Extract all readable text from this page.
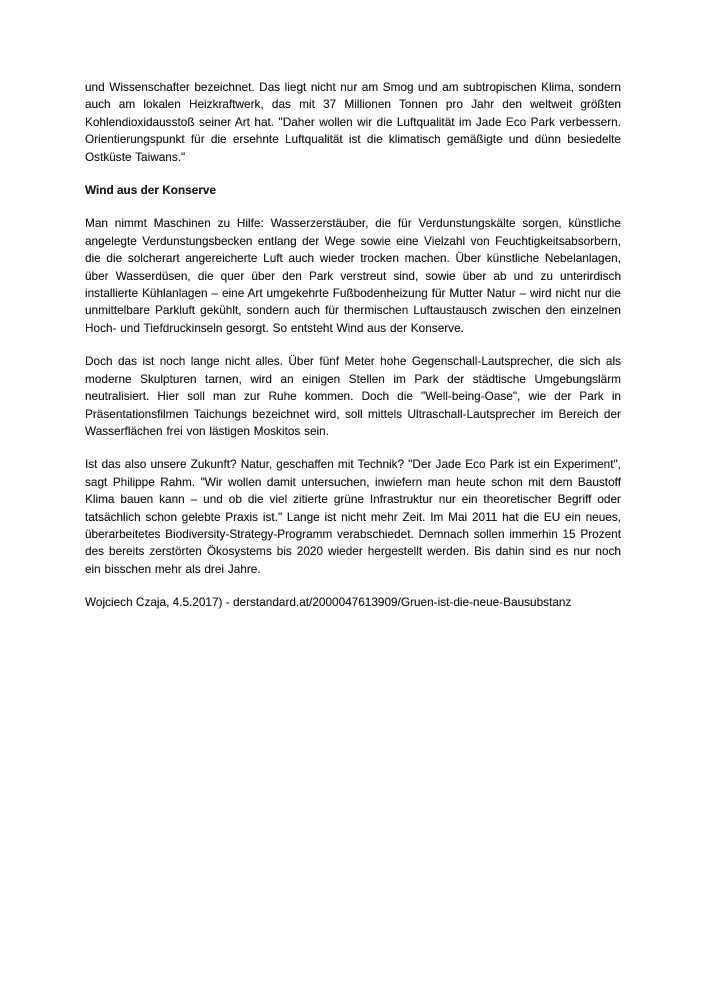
und Wissenschafter bezeichnet. Das liegt nicht nur am Smog und am subtropischen Klima, sondern auch am lokalen Heizkraftwerk, das mit 37 Millionen Tonnen pro Jahr den weltweit größten Kohlendioxidausstoß seiner Art hat. "Daher wollen wir die Luftqualität im Jade Eco Park verbessern. Orientierungspunkt für die ersehnte Luftqualität ist die klimatisch gemäßigte und dünn besiedelte Ostküste Taiwans."

Wind aus der Konserve

Man nimmt Maschinen zu Hilfe: Wasserzerstäuber, die für Verdunstungskälte sorgen, künstliche angelegte Verdunstungsbecken entlang der Wege sowie eine Vielzahl von Feuchtigkeitsabsorbern, die die solcherart angereicherte Luft auch wieder trocken machen. Über künstliche Nebelanlagen, über Wasserdüsen, die quer über den Park verstreut sind, sowie über ab und zu unterirdisch installierte Kühlanlagen – eine Art umgekehrte Fußbodenheizung für Mutter Natur – wird nicht nur die unmittelbare Parkluft gekühlt, sondern auch für thermischen Luftaustausch zwischen den einzelnen Hoch- und Tiefdruckinseln gesorgt. So entsteht Wind aus der Konserve.

Doch das ist noch lange nicht alles. Über fünf Meter hohe Gegenschall-Lautsprecher, die sich als moderne Skulpturen tarnen, wird an einigen Stellen im Park der städtische Umgebungslärm neutralisiert. Hier soll man zur Ruhe kommen. Doch die "Well-being-Oase", wie der Park in Präsentationsfilmen Taichungs bezeichnet wird, soll mittels Ultraschall-Lautsprecher im Bereich der Wasserflächen frei von lästigen Moskitos sein.

Ist das also unsere Zukunft? Natur, geschaffen mit Technik? "Der Jade Eco Park ist ein Experiment", sagt Philippe Rahm. "Wir wollen damit untersuchen, inwiefern man heute schon mit dem Baustoff Klima bauen kann – und ob die viel zitierte grüne Infrastruktur nur ein theoretischer Begriff oder tatsächlich schon gelebte Praxis ist." Lange ist nicht mehr Zeit. Im Mai 2011 hat die EU ein neues, überarbeitetes Biodiversity-Strategy-Programm verabschiedet. Demnach sollen immerhin 15 Prozent des bereits zerstörten Ökosystems bis 2020 wieder hergestellt werden. Bis dahin sind es nur noch ein bisschen mehr als drei Jahre.

Wojciech Czaja, 4.5.2017) - derstandard.at/2000047613909/Gruen-ist-die-neue-Bausubstanz
